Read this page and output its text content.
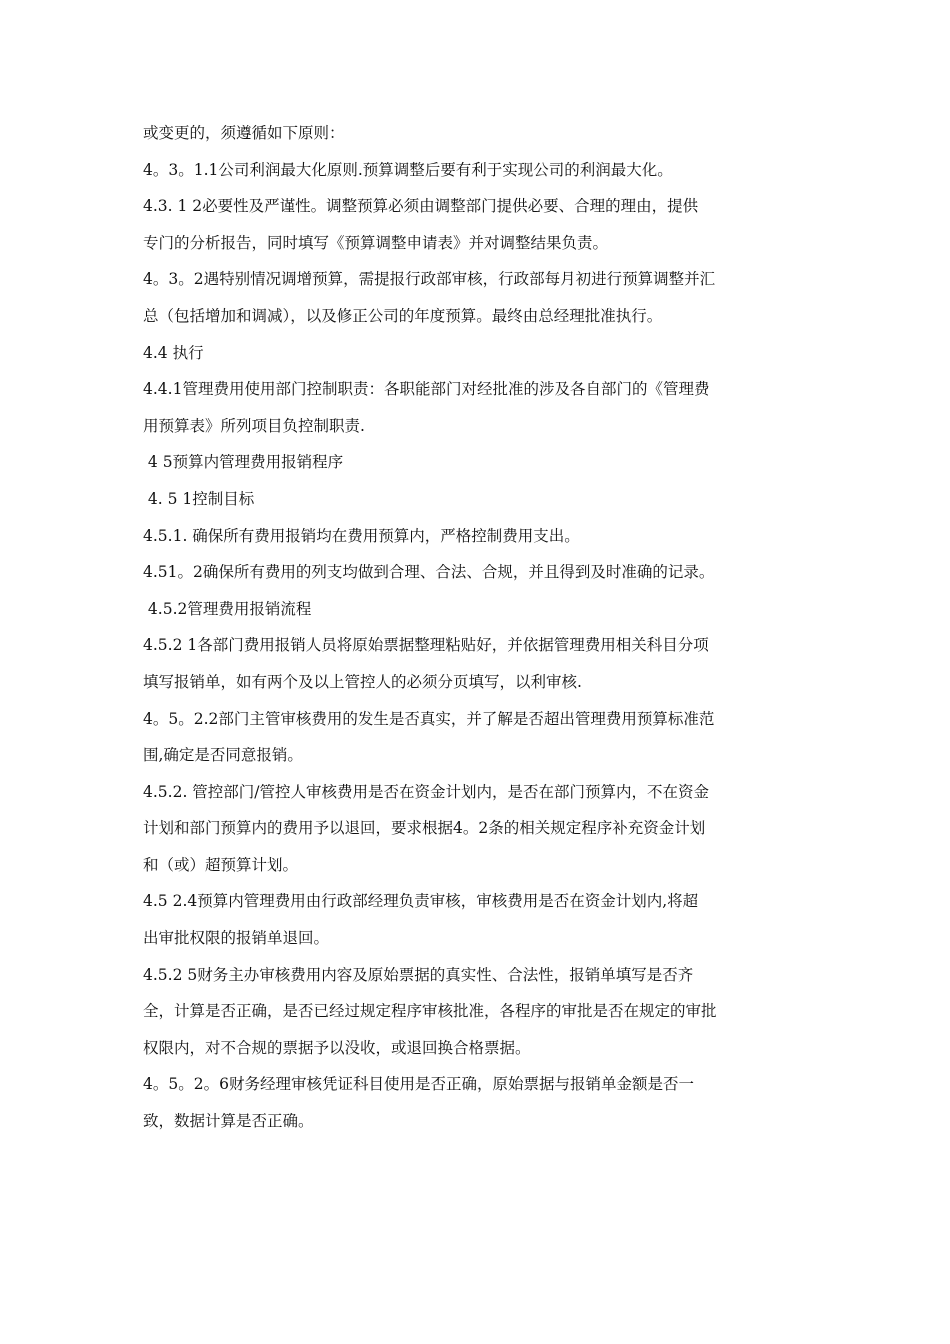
或变更的，须遵循如下原则：
4。3。1.1公司利润最大化原则.预算调整后要有利于实现公司的利润最大化。
4.3. 1 2必要性及严谨性。调整预算必须由调整部门提供必要、合理的理由，提供
专门的分析报告，同时填写《预算调整申请表》并对调整结果负责。
4。3。2遇特别情况调增预算，需提报行政部审核，行政部每月初进行预算调整并汇
总（包括增加和调减），以及修正公司的年度预算。最终由总经理批准执行。
4.4 执行
4.4.1管理费用使用部门控制职责：各职能部门对经批准的涉及各自部门的《管理费
用预算表》所列项目负控制职责.
4 5预算内管理费用报销程序
4. 5 1控制目标
4.5.1. 确保所有费用报销均在费用预算内，严格控制费用支出。
4.51。2确保所有费用的列支均做到合理、合法、合规，并且得到及时准确的记录。
4.5.2管理费用报销流程
4.5.2 1各部门费用报销人员将原始票据整理粘贴好，并依据管理费用相关科目分项
填写报销单，如有两个及以上管控人的必须分页填写，以利审核.
4。5。2.2部门主管审核费用的发生是否真实，并了解是否超出管理费用预算标准范
围,确定是否同意报销。
4.5.2. 管控部门/管控人审核费用是否在资金计划内，是否在部门预算内，不在资金
计划和部门预算内的费用予以退回，要求根据4。2条的相关规定程序补充资金计划
和（或）超预算计划。
4.5 2.4预算内管理费用由行政部经理负责审核，审核费用是否在资金计划内,将超
出审批权限的报销单退回。
4.5.2 5财务主办审核费用内容及原始票据的真实性、合法性，报销单填写是否齐
全，计算是否正确，是否已经过规定程序审核批准，各程序的审批是否在规定的审批
权限内，对不合规的票据予以没收，或退回换合格票据。
4。5。2。6财务经理审核凭证科目使用是否正确，原始票据与报销单金额是否一
致，数据计算是否正确。
